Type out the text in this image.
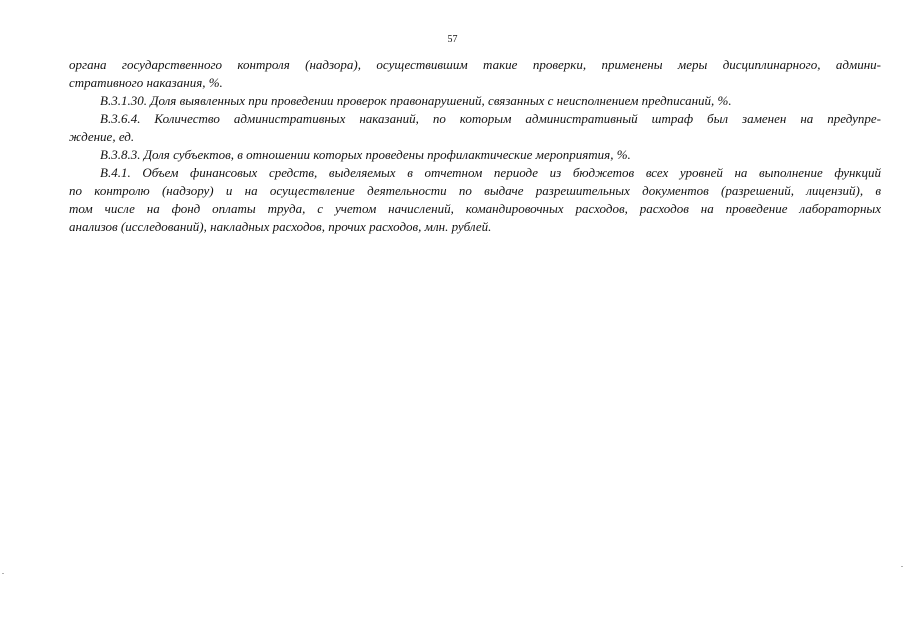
57

органа государственного контроля (надзора), осуществившим такие проверки, применены меры дисциплинарного, админи-
стративного наказания, %.

В.3.1.30. Доля выявленных при проведении проверок правонарушений, связанных с неисполнением предписаний, %.

В.3.6.4. Количество административных наказаний, по которым административный штраф был заменен на предупре-
ждение, ед.

В.3.8.3. Доля субъектов, в отношении которых проведены профилактические мероприятия, %.

В.4.1. Объем финансовых средств, выделяемых в отчетном периоде из бюджетов всех уровней на выполнение функций
по контролю (надзору) и на осуществление деятельности по выдаче разрешительных документов (разрешений, лицензий), в
том числе на фонд оплаты труда, с учетом начислений, командировочных расходов, расходов на проведение лабораторных
анализов (исследований), накладных расходов, прочих расходов, млн. рублей.
